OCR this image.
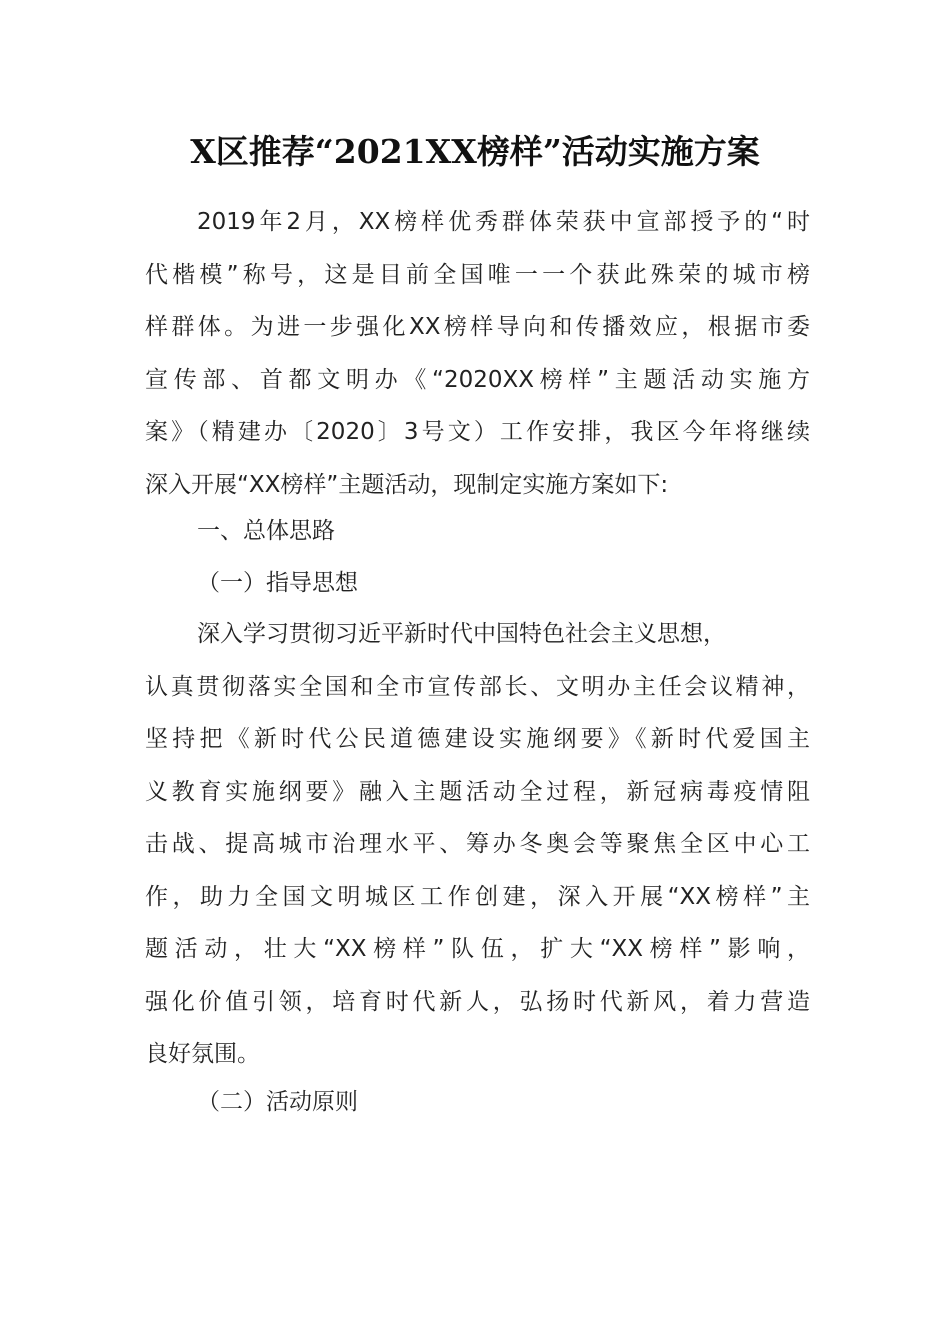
X区推荐“2021XX榜样”活动实施方案
2019年2月，XX榜样优秀群体荣获中宣部授予的“时
代楷模”称号，这是目前全国唯一一个获此殊荣的城市榜
样群体。为进一步强化XX榜样导向和传播效应，根据市委
宣传部、首都文明办《“2020XX榜样”主题活动实施方
案》（精建办〔2020〕3号文）工作安排，我区今年将继续
深入开展“XX榜样”主题活动，现制定实施方案如下:
一、总体思路
（一）指导思想
深入学习贯彻习近平新时代中国特色社会主义思想，
认真贯彻落实全国和全市宣传部长、文明办主任会议精神，
坚持把《新时代公民道德建设实施纲要》《新时代爱国主
义教育实施纲要》融入主题活动全过程，新冠病毒疫情阻
击战、提高城市治理水平、筹办冬奥会等聚焦全区中心工
作，助力全国文明城区工作创建，深入开展“XX榜样”主
题活动，壮大“XX榜样”队伍，扩大“XX榜样”影响，
强化价值引领，培育时代新人，弘扬时代新风，着力营造
良好氛围。
（二）活动原则
